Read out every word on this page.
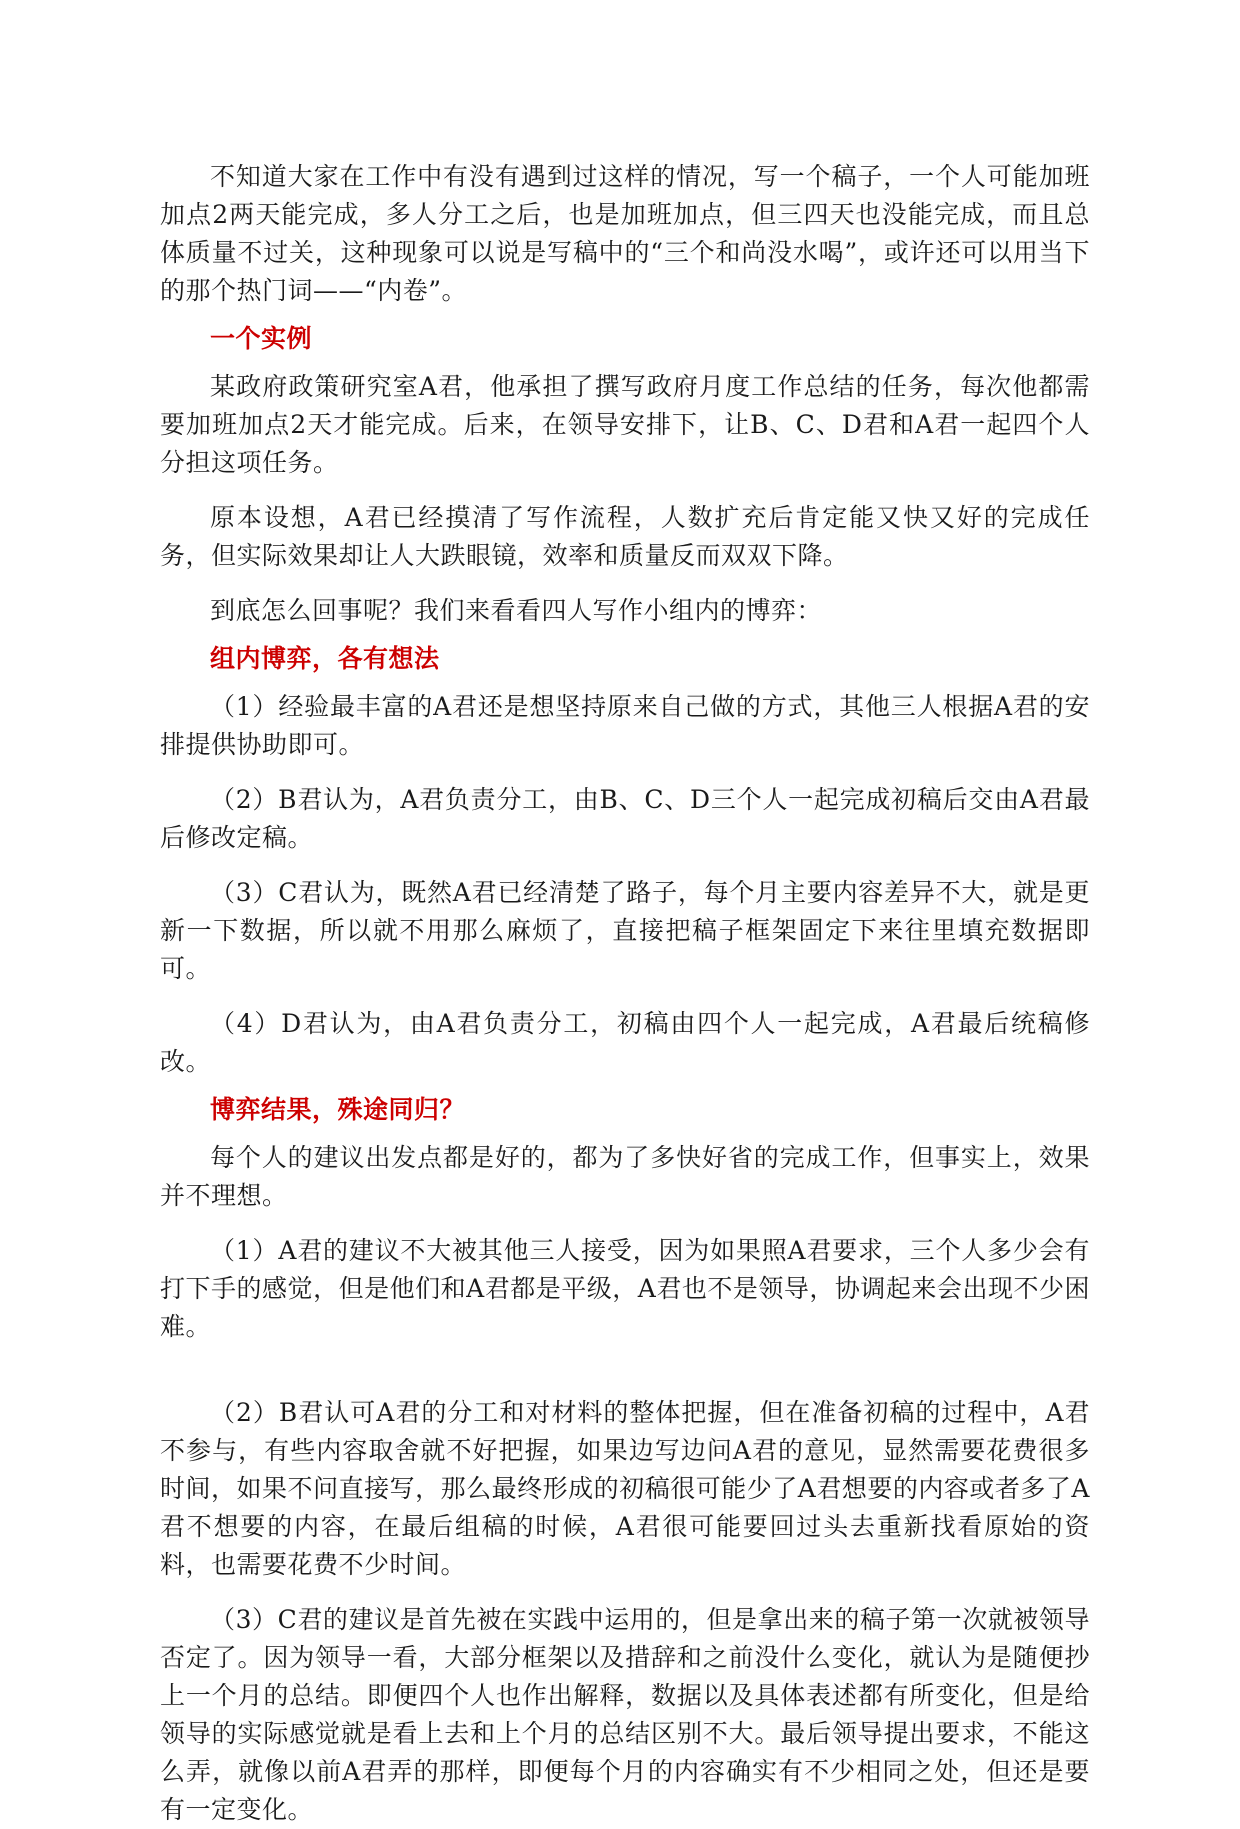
不知道大家在工作中有没有遇到过这样的情况，写一个稿子，一个人可能加班加点2两天能完成，多人分工之后，也是加班加点，但三四天也没能完成，而且总体质量不过关，这种现象可以说是写稿中的“三个和尚没水喝”，或许还可以用当下的那个热门词——“内卷”。

一个实例

某政府政策研究室A君，他承担了撰写政府月度工作总结的任务，每次他都需要加班加点2天才能完成。后来，在领导安排下，让B、C、D君和A君一起四个人分担这项任务。

原本设想，A君已经摸清了写作流程，人数扩充后肯定能又快又好的完成任务，但实际效果却让人大跌眼镜，效率和质量反而双双下降。

到底怎么回事呢？我们来看看四人写作小组内的博弈：

组内博弈，各有想法

（1）经验最丰富的A君还是想坚持原来自己做的方式，其他三人根据A君的安排提供协助即可。

（2）B君认为，A君负责分工，由B、C、D三个人一起完成初稿后交由A君最后修改定稿。

（3）C君认为，既然A君已经清楚了路子，每个月主要内容差异不大，就是更新一下数据，所以就不用那么麻烦了，直接把稿子框架固定下来往里填充数据即可。

（4）D君认为，由A君负责分工，初稿由四个人一起完成，A君最后统稿修改。

博弈结果，殊途同归？

每个人的建议出发点都是好的，都为了多快好省的完成工作，但事实上，效果并不理想。

（1）A君的建议不大被其他三人接受，因为如果照A君要求，三个人多少会有打下手的感觉，但是他们和A君都是平级，A君也不是领导，协调起来会出现不少困难。

（2）B君认可A君的分工和对材料的整体把握，但在准备初稿的过程中，A君不参与，有些内容取舍就不好把握，如果边写边问A君的意见，显然需要花费很多时间，如果不问直接写，那么最终形成的初稿很可能少了A君想要的内容或者多了A君不想要的内容，在最后组稿的时候，A君很可能要回过头去重新找看原始的资料，也需要花费不少时间。

（3）C君的建议是首先被在实践中运用的，但是拿出来的稿子第一次就被领导否定了。因为领导一看，大部分框架以及措辞和之前没什么变化，就认为是随便抄上一个月的总结。即便四个人也作出解释，数据以及具体表述都有所变化，但是给领导的实际感觉就是看上去和上个月的总结区别不大。最后领导提出要求，不能这么弄，就像以前A君弄的那样，即便每个月的内容确实有不少相同之处，但还是要有一定变化。
